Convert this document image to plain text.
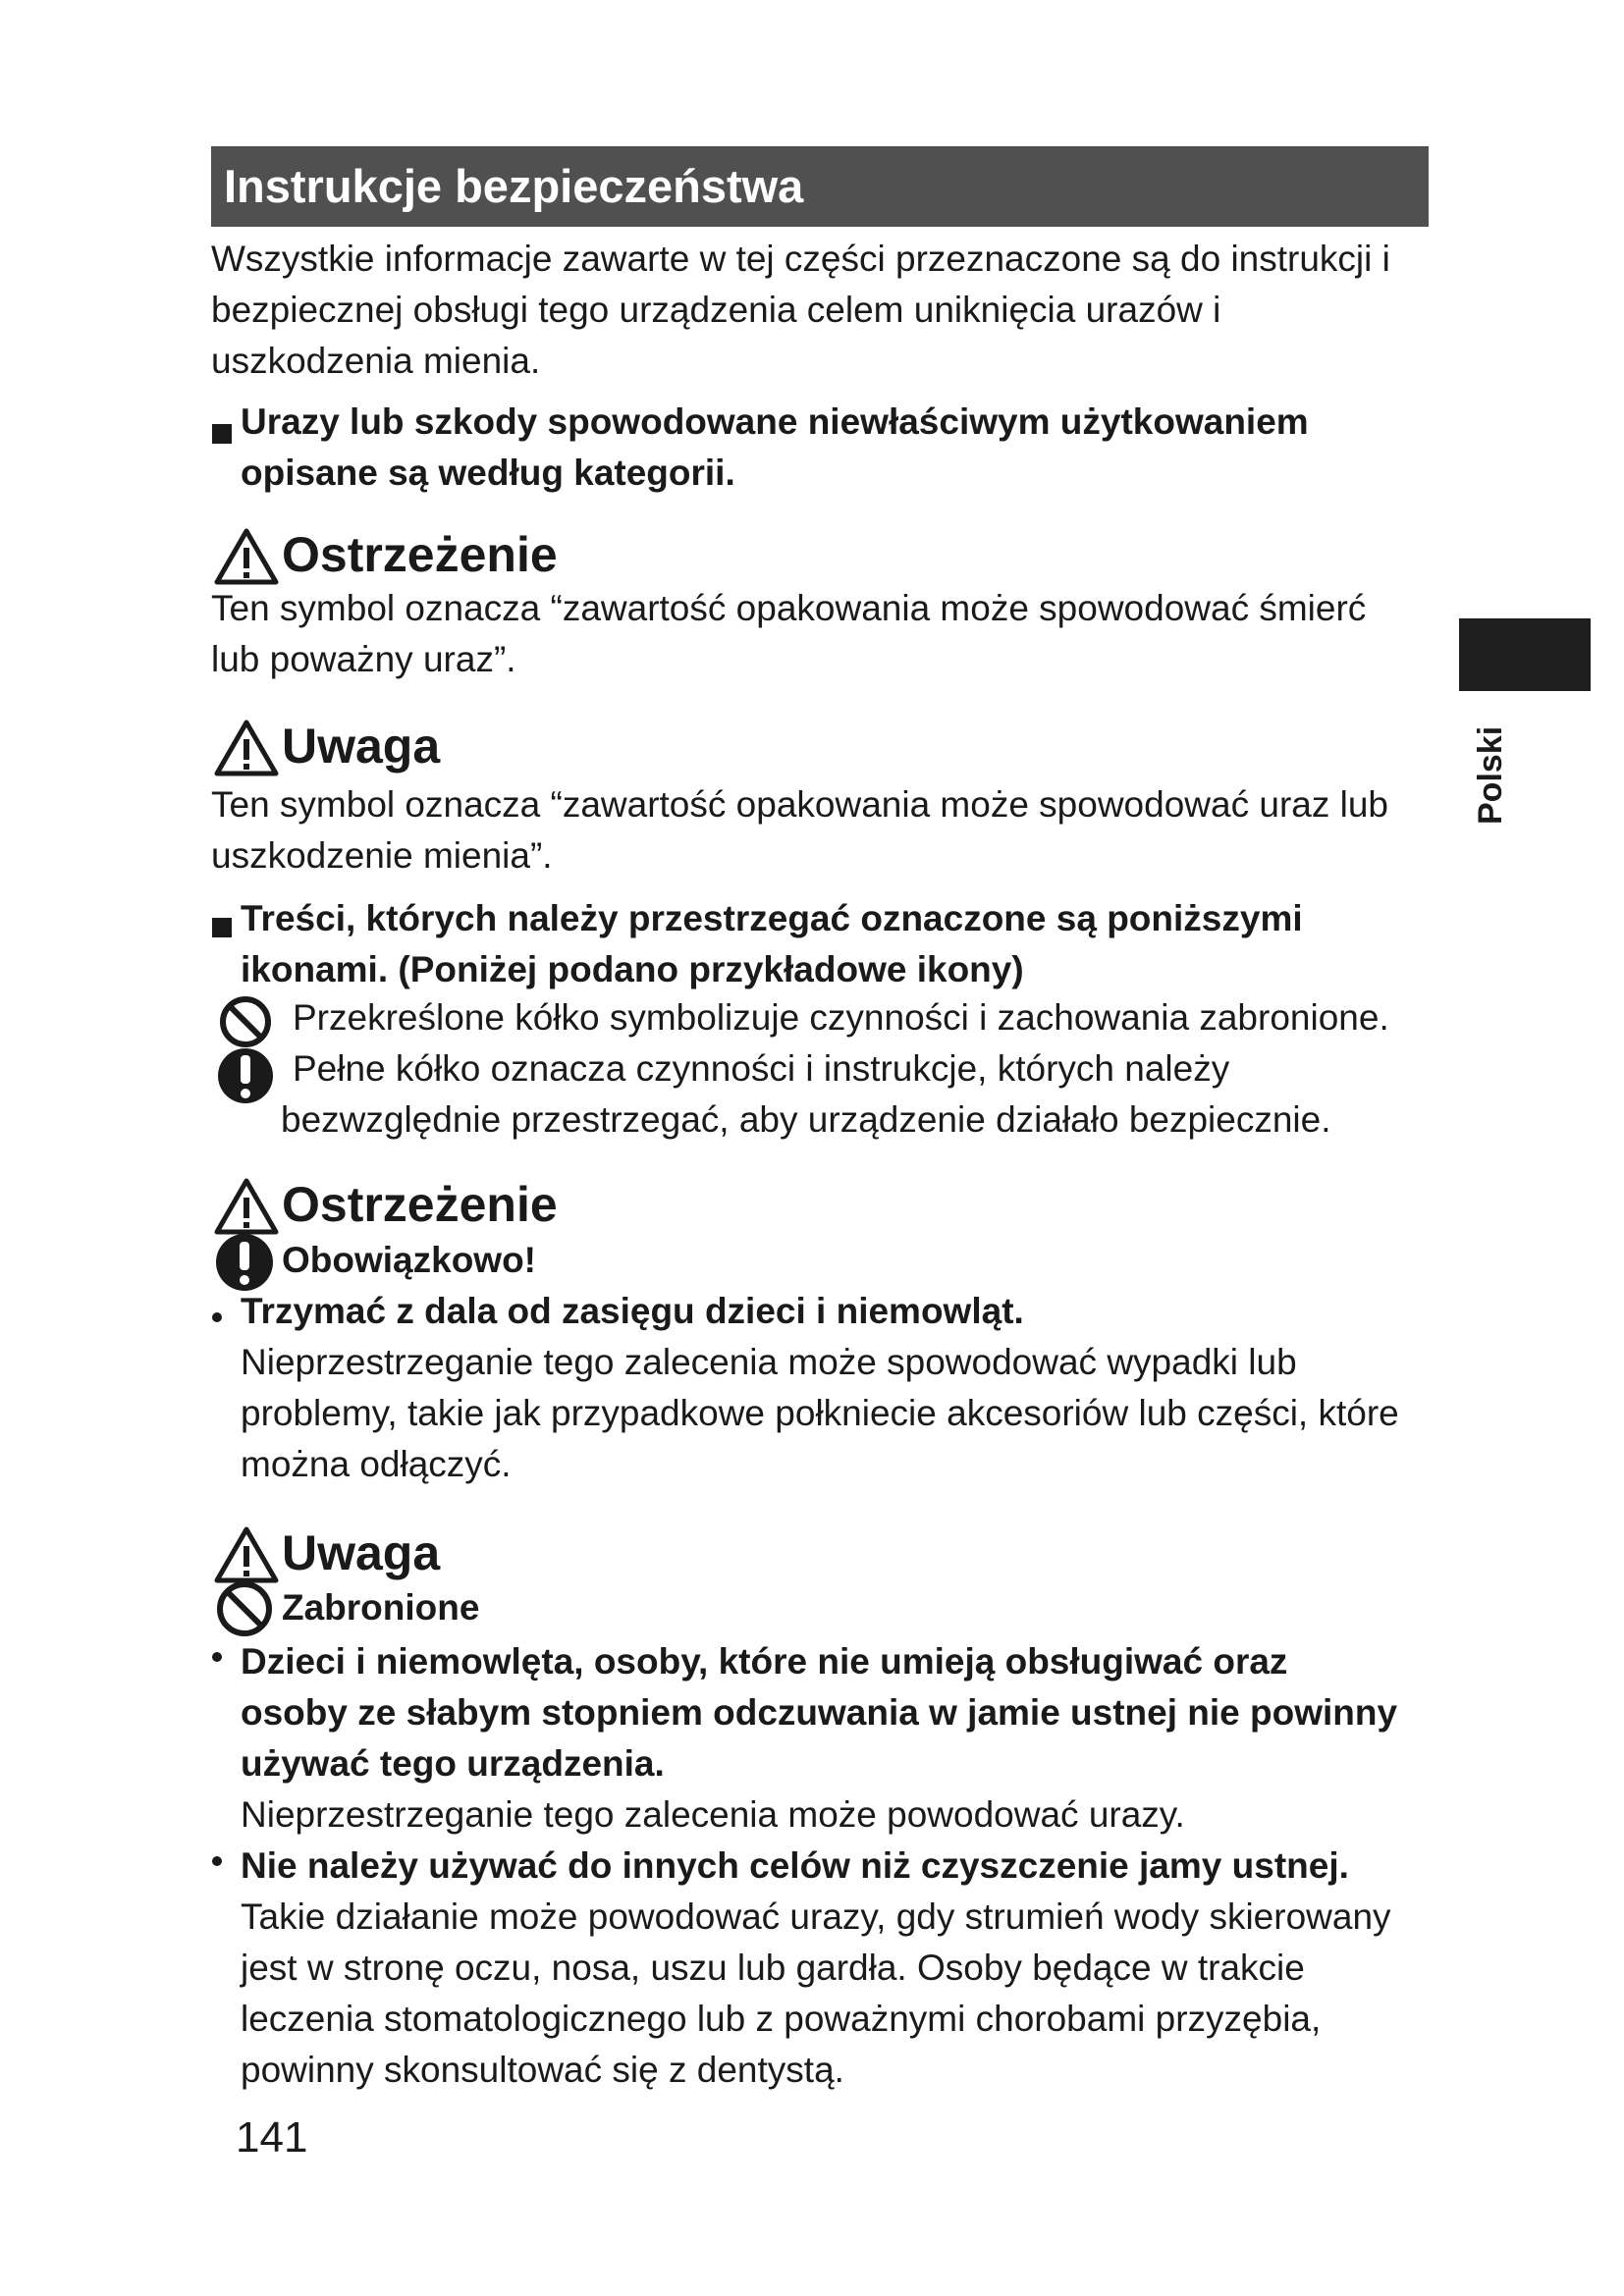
Instrukcje bezpieczeństwa
Wszystkie informacje zawarte w tej części przeznaczone są do instrukcji i
bezpiecznej obsługi tego urządzenia celem uniknięcia urazów i
uszkodzenia mienia.
Urazy lub szkody spowodowane niewłaściwym użytkowaniem
opisane są według kategorii.
Ostrzeżenie
Ten symbol oznacza “zawartość opakowania może spowodować śmierć
lub poważny uraz”.
Uwaga
Ten symbol oznacza “zawartość opakowania może spowodować uraz lub
uszkodzenie mienia”.
Treści, których należy przestrzegać oznaczone są poniższymi
ikonami. (Poniżej podano przykładowe ikony)
Przekreślone kółko symbolizuje czynności i zachowania zabronione.
Pełne kółko oznacza czynności i instrukcje, których należy
bezwzględnie przestrzegać, aby urządzenie działało bezpiecznie.
Ostrzeżenie
Obowiązkowo!
Trzymać z dala od zasięgu dzieci i niemowląt.
Nieprzestrzeganie tego zalecenia może spowodować wypadki lub
problemy, takie jak przypadkowe połkniecie akcesoriów lub części, które
można odłączyć.
Uwaga
Zabronione
Dzieci i niemowlęta, osoby, które nie umieją obsługiwać oraz
osoby ze słabym stopniem odczuwania w jamie ustnej nie powinny
używać tego urządzenia.
Nieprzestrzeganie tego zalecenia może powodować urazy.
Nie należy używać do innych celów niż czyszczenie jamy ustnej.
Takie działanie może powodować urazy, gdy strumień wody skierowany
jest w stronę oczu, nosa, uszu lub gardła. Osoby będące w trakcie
leczenia stomatologicznego lub z poważnymi chorobami przyzębia,
powinny skonsultować się z dentystą.
141
Polski
